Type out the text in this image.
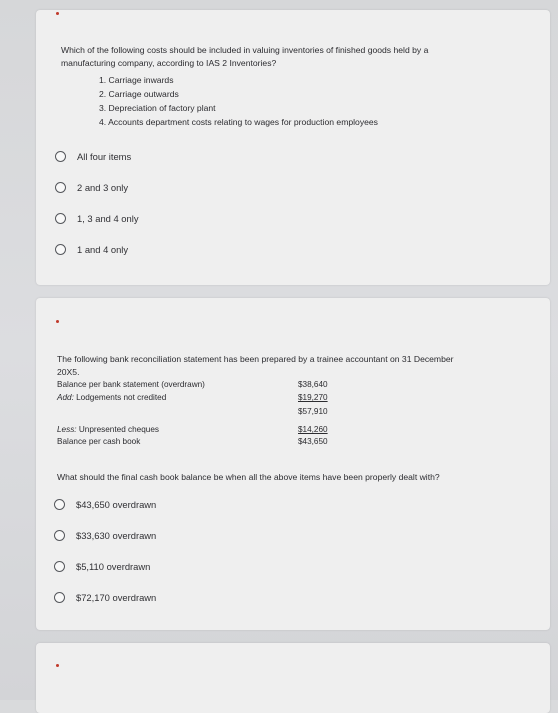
Which of the following costs should be included in valuing inventories of finished goods held by a
manufacturing company, according to IAS 2 Inventories?
1. Carriage inwards
2. Carriage outwards
3. Depreciation of factory plant
4. Accounts department costs relating to wages for production employees
All four items
2 and 3 only
1, 3 and 4 only
1 and 4 only
The following bank reconciliation statement has been prepared by a trainee accountant on 31 December
20X5.
Balance per bank statement (overdrawn)	$38,640
Add: Lodgements not credited	$19,270
$57,910
Less: Unpresented cheques	$14,260
Balance per cash book	$43,650
What should the final cash book balance be when all the above items have been properly dealt with?
$43,650 overdrawn
$33,630 overdrawn
$5,110 overdrawn
$72,170 overdrawn
